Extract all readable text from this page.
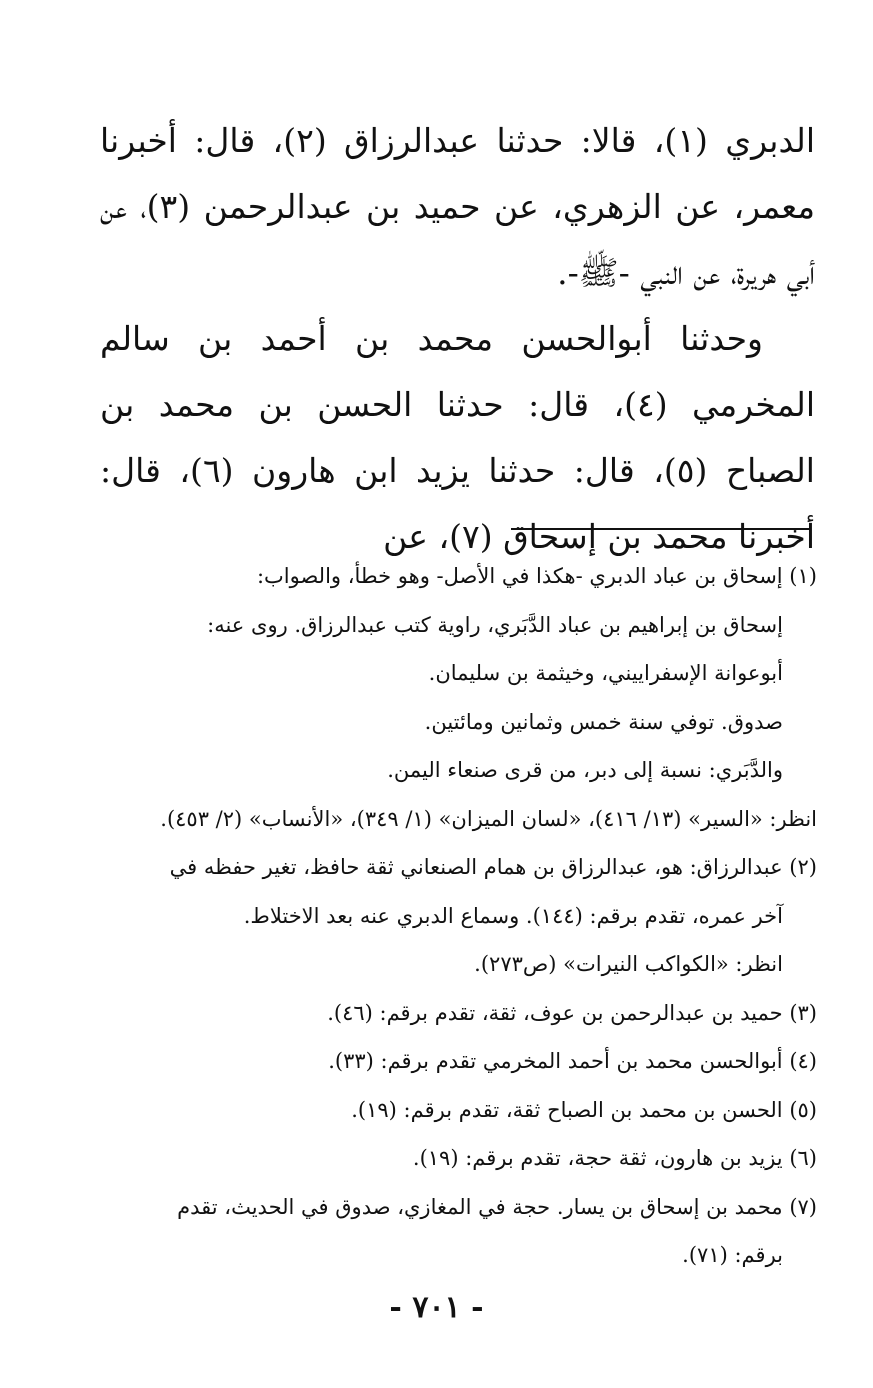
الدبري (١)، قالا: حدثنا عبدالرزاق (٢)، قال: أخبرنا معمر، عن الزهري، عن حميد بن عبدالرحمن (٣)، عن أبي هريرة، عن النبي -ﷺ-.

وحدثنا أبوالحسن محمد بن أحمد بن سالم المخرمي (٤)، قال: حدثنا الحسن بن محمد بن الصباح (٥)، قال: حدثنا يزيد ابن هارون (٦)، قال: أخبرنا محمد بن إسحاق (٧)، عن

(١) إسحاق بن عباد الدبري -هكذا في الأصل- وهو خطأ، والصواب:

إسحاق بن إبراهيم بن عباد الدَّبَري، راوية كتب عبدالرزاق. روى عنه:

أبوعوانة الإسفراييني، وخيثمة بن سليمان.

صدوق. توفي سنة خمس وثمانين ومائتين.

والدَّبَري: نسبة إلى دبر، من قرى صنعاء اليمن.

انظر: «السير» (١٣/ ٤١٦)، «لسان الميزان» (١/ ٣٤٩)، «الأنساب» (٢/ ٤٥٣).

(٢) عبدالرزاق: هو، عبدالرزاق بن همام الصنعاني ثقة حافظ، تغير حفظه في

آخر عمره، تقدم برقم: (١٤٤). وسماع الدبري عنه بعد الاختلاط.

انظر: «الكواكب النيرات» (ص٢٧٣).

(٣) حميد بن عبدالرحمن بن عوف، ثقة، تقدم برقم: (٤٦).

(٤) أبوالحسن محمد بن أحمد المخرمي تقدم برقم: (٣٣).

(٥) الحسن بن محمد بن الصباح ثقة، تقدم برقم: (١٩).

(٦) يزيد بن هارون، ثقة حجة، تقدم برقم: (١٩).

(٧) محمد بن إسحاق بن يسار. حجة في المغازي، صدوق في الحديث، تقدم

برقم: (٧١).

- ٧٠١ -
